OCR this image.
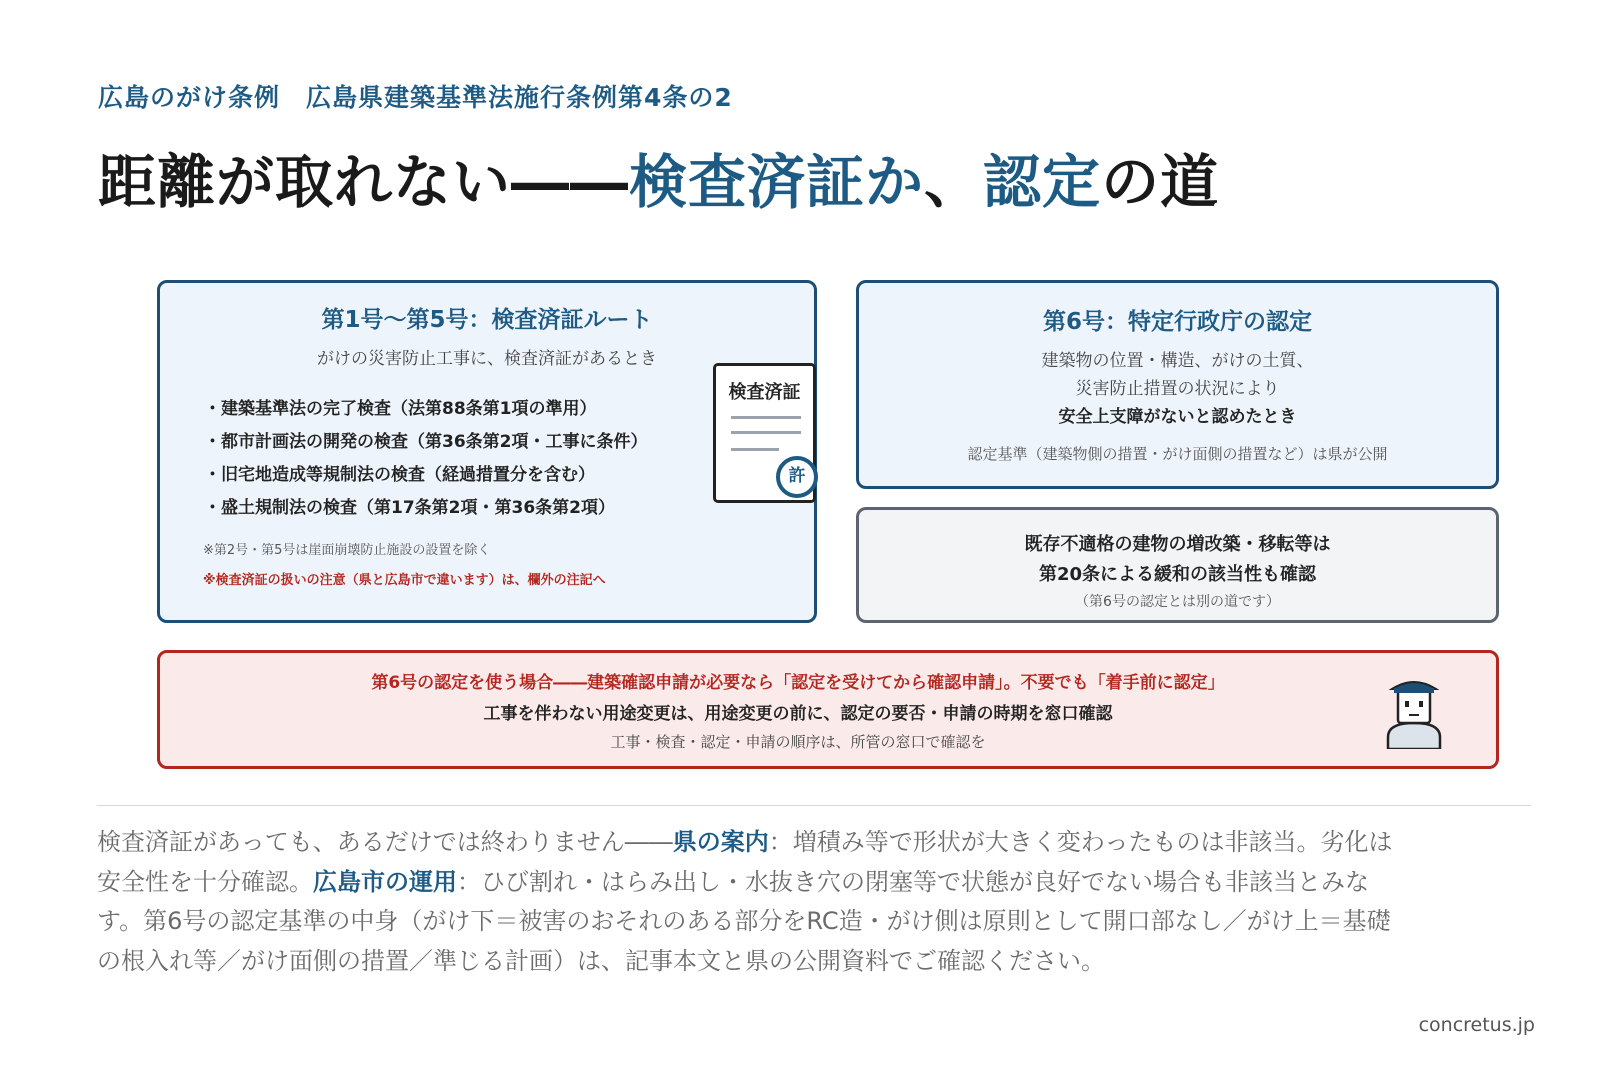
広島のがけ条例　広島県建築基準法施行条例第4条の2
距離が取れない――検査済証か、認定の道
第1号〜第5号：検査済証ルート
がけの災害防止工事に、検査済証があるとき
・建築基準法の完了検査（法第88条第1項の準用）
・都市計画法の開発の検査（第36条第2項・工事に条件）
・旧宅地造成等規制法の検査（経過措置分を含む）
・盛土規制法の検査（第17条第2項・第36条第2項）
※第2号・第5号は崖面崩壊防止施設の設置を除く
※検査済証の扱いの注意（県と広島市で違います）は、欄外の注記へ
検査済証
許
第6号：特定行政庁の認定
建築物の位置・構造、がけの土質、
災害防止措置の状況により
安全上支障がないと認めたとき
認定基準（建築物側の措置・がけ面側の措置など）は県が公開
既存不適格の建物の増改築・移転等は
第20条による緩和の該当性も確認
（第6号の認定とは別の道です）
第6号の認定を使う場合――建築確認申請が必要なら「認定を受けてから確認申請」。不要でも「着手前に認定」
工事を伴わない用途変更は、用途変更の前に、認定の要否・申請の時期を窓口確認
工事・検査・認定・申請の順序は、所管の窓口で確認を
検査済証があっても、あるだけでは終わりません――県の案内：増積み等で形状が大きく変わったものは非該当。劣化は安全性を十分確認。広島市の運用：ひび割れ・はらみ出し・水抜き穴の閉塞等で状態が良好でない場合も非該当とみなす。第6号の認定基準の中身（がけ下＝被害のおそれのある部分をRC造・がけ側は原則として開口部なし／がけ上＝基礎の根入れ等／がけ面側の措置／準じる計画）は、記事本文と県の公開資料でご確認ください。
concretus.jp
